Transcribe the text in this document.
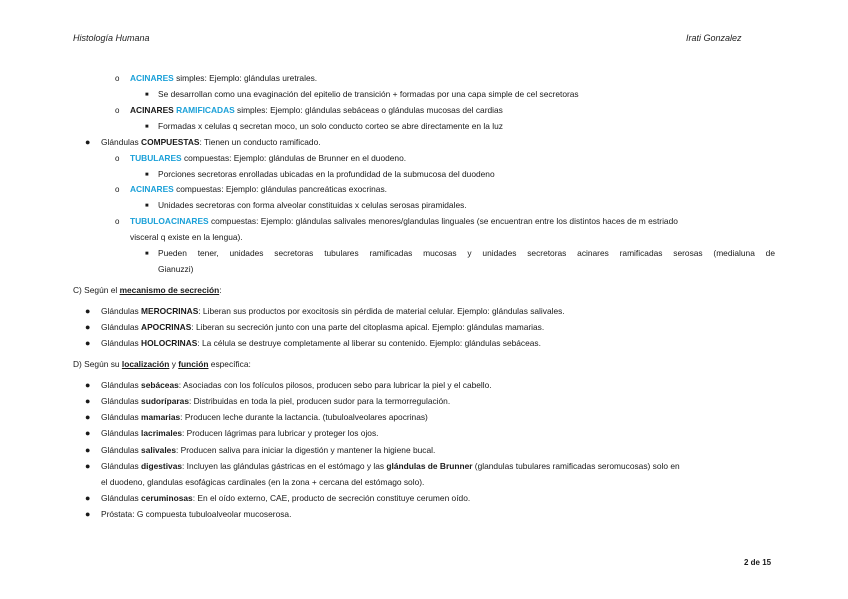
Histología Humana	Irati Gonzalez
o ACINARES simples: Ejemplo: glándulas uretrales.
■ Se desarrollan como una evaginación del epitelio de transición + formadas por una capa simple de cel secretoras
o ACINARES RAMIFICADAS simples: Ejemplo: glándulas sebáceas o glándulas mucosas del cardias
■ Formadas x celulas q secretan moco, un solo conducto corteo se abre directamente en la luz
● Glándulas COMPUESTAS: Tienen un conducto ramificado.
o TUBULARES compuestas: Ejemplo: glándulas de Brunner en el duodeno.
■ Porciones secretoras enrolladas ubicadas en la profundidad de la submucosa del duodeno
o ACINARES compuestas: Ejemplo: glándulas pancreáticas exocrinas.
■ Unidades secretoras con forma alveolar constituidas x celulas serosas piramidales.
o TUBULOACINARES compuestas: Ejemplo: glándulas salivales menores/glandulas linguales (se encuentran entre los distintos haces de m estriado
visceral q existe en la lengua).
■ Pueden tener, unidades secretoras tubulares ramificadas mucosas y unidades secretoras acinares ramificadas serosas (medialuna de
Gianuzzi)
C) Según el mecanismo de secreción:
● Glándulas MEROCRINAS: Liberan sus productos por exocitosis sin pérdida de material celular. Ejemplo: glándulas salivales.
● Glándulas APOCRINAS: Liberan su secreción junto con una parte del citoplasma apical. Ejemplo: glándulas mamarias.
● Glándulas HOLOCRINAS: La célula se destruye completamente al liberar su contenido. Ejemplo: glándulas sebáceas.
D) Según su localización y función específica:
● Glándulas sebáceas: Asociadas con los folículos pilosos, producen sebo para lubricar la piel y el cabello.
● Glándulas sudoríparas: Distribuidas en toda la piel, producen sudor para la termorregulación.
● Glándulas mamarias: Producen leche durante la lactancia. (tubuloalveolares apocrinas)
● Glándulas lacrimales: Producen lágrimas para lubricar y proteger los ojos.
● Glándulas salivales: Producen saliva para iniciar la digestión y mantener la higiene bucal.
● Glándulas digestivas: Incluyen las glándulas gástricas en el estómago y las glándulas de Brunner (glandulas tubulares ramificadas seromucosas) solo en
el duodeno, glandulas esofágicas cardinales (en la zona + cercana del estómago solo).
● Glándulas ceruminosas: En el oído externo, CAE, producto de secreción constituye cerumen oído.
● Próstata: G compuesta tubuloalveolar mucoserosa.
2 de 15
